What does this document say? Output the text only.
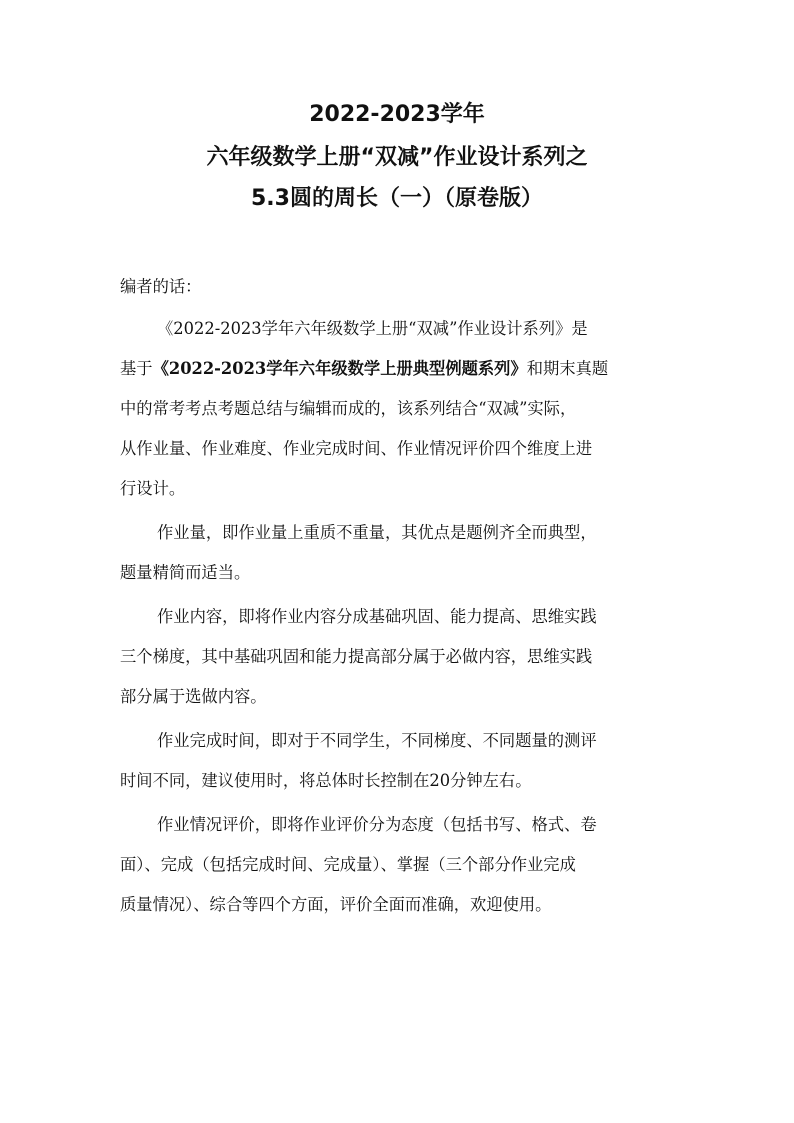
2022-2023学年
六年级数学上册“双减”作业设计系列之
5.3圆的周长（一）（原卷版）
编者的话：
《2022-2023学年六年级数学上册“双减”作业设计系列》是
基于《2022-2023学年六年级数学上册典型例题系列》和期末真题
中的常考考点考题总结与编辑而成的，该系列结合“双减”实际，
从作业量、作业难度、作业完成时间、作业情况评价四个维度上进
行设计。
作业量，即作业量上重质不重量，其优点是题例齐全而典型，
题量精简而适当。
作业内容，即将作业内容分成基础巩固、能力提高、思维实践
三个梯度，其中基础巩固和能力提高部分属于必做内容，思维实践
部分属于选做内容。
作业完成时间，即对于不同学生，不同梯度、不同题量的测评
时间不同，建议使用时，将总体时长控制在20分钟左右。
作业情况评价，即将作业评价分为态度（包括书写、格式、卷
面）、完成（包括完成时间、完成量）、掌握（三个部分作业完成
质量情况）、综合等四个方面，评价全面而准确，欢迎使用。
